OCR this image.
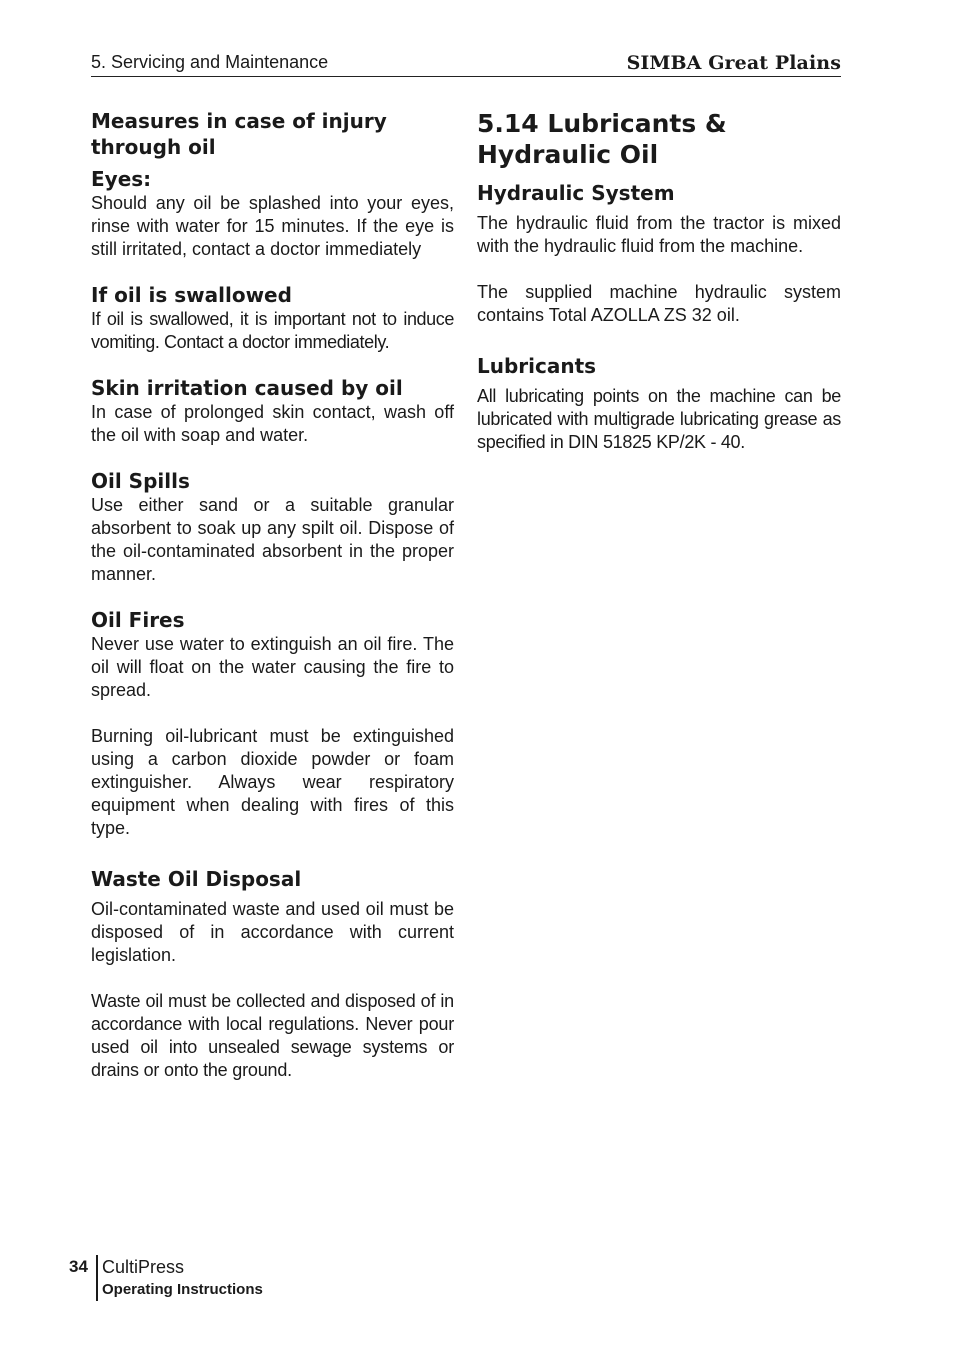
5. Servicing and Maintenance	SIMBA Great Plains
Measures in case of injury through oil
Eyes:

Should any oil be splashed into your eyes, rinse with water for 15 minutes. If the eye is still irritated, contact a doctor immediately

If oil is swallowed

If oil is swallowed, it is important not to induce vomiting. Contact a doctor immediately.

Skin irritation caused by oil

In case of prolonged skin contact, wash off the oil with soap and water.

Oil Spills

Use either sand or a suitable granular absorbent to soak up any spilt oil. Dispose of the oil-contaminated absorbent in the proper manner.

Oil Fires

Never use water to extinguish an oil fire. The oil will float on the water causing the fire to spread.

Burning oil-lubricant must be extinguished using a carbon dioxide powder or foam extinguisher. Always wear respiratory equipment when dealing with fires of this type.

Waste Oil Disposal

Oil-contaminated waste and used oil must be disposed of in accordance with current legislation.

Waste oil must be collected and disposed of in accordance with local regulations. Never pour used oil into unsealed sewage systems or drains or onto the ground.

5.14 Lubricants & Hydraulic Oil
Hydraulic System

The hydraulic fluid from the tractor is mixed with the hydraulic fluid from the machine.

The supplied machine hydraulic system contains Total AZOLLA ZS 32 oil.

Lubricants

All lubricating points on the machine can be lubricated with multigrade lubricating grease as specified in DIN 51825 KP/2K - 40.

34 CultiPress
Operating Instructions
